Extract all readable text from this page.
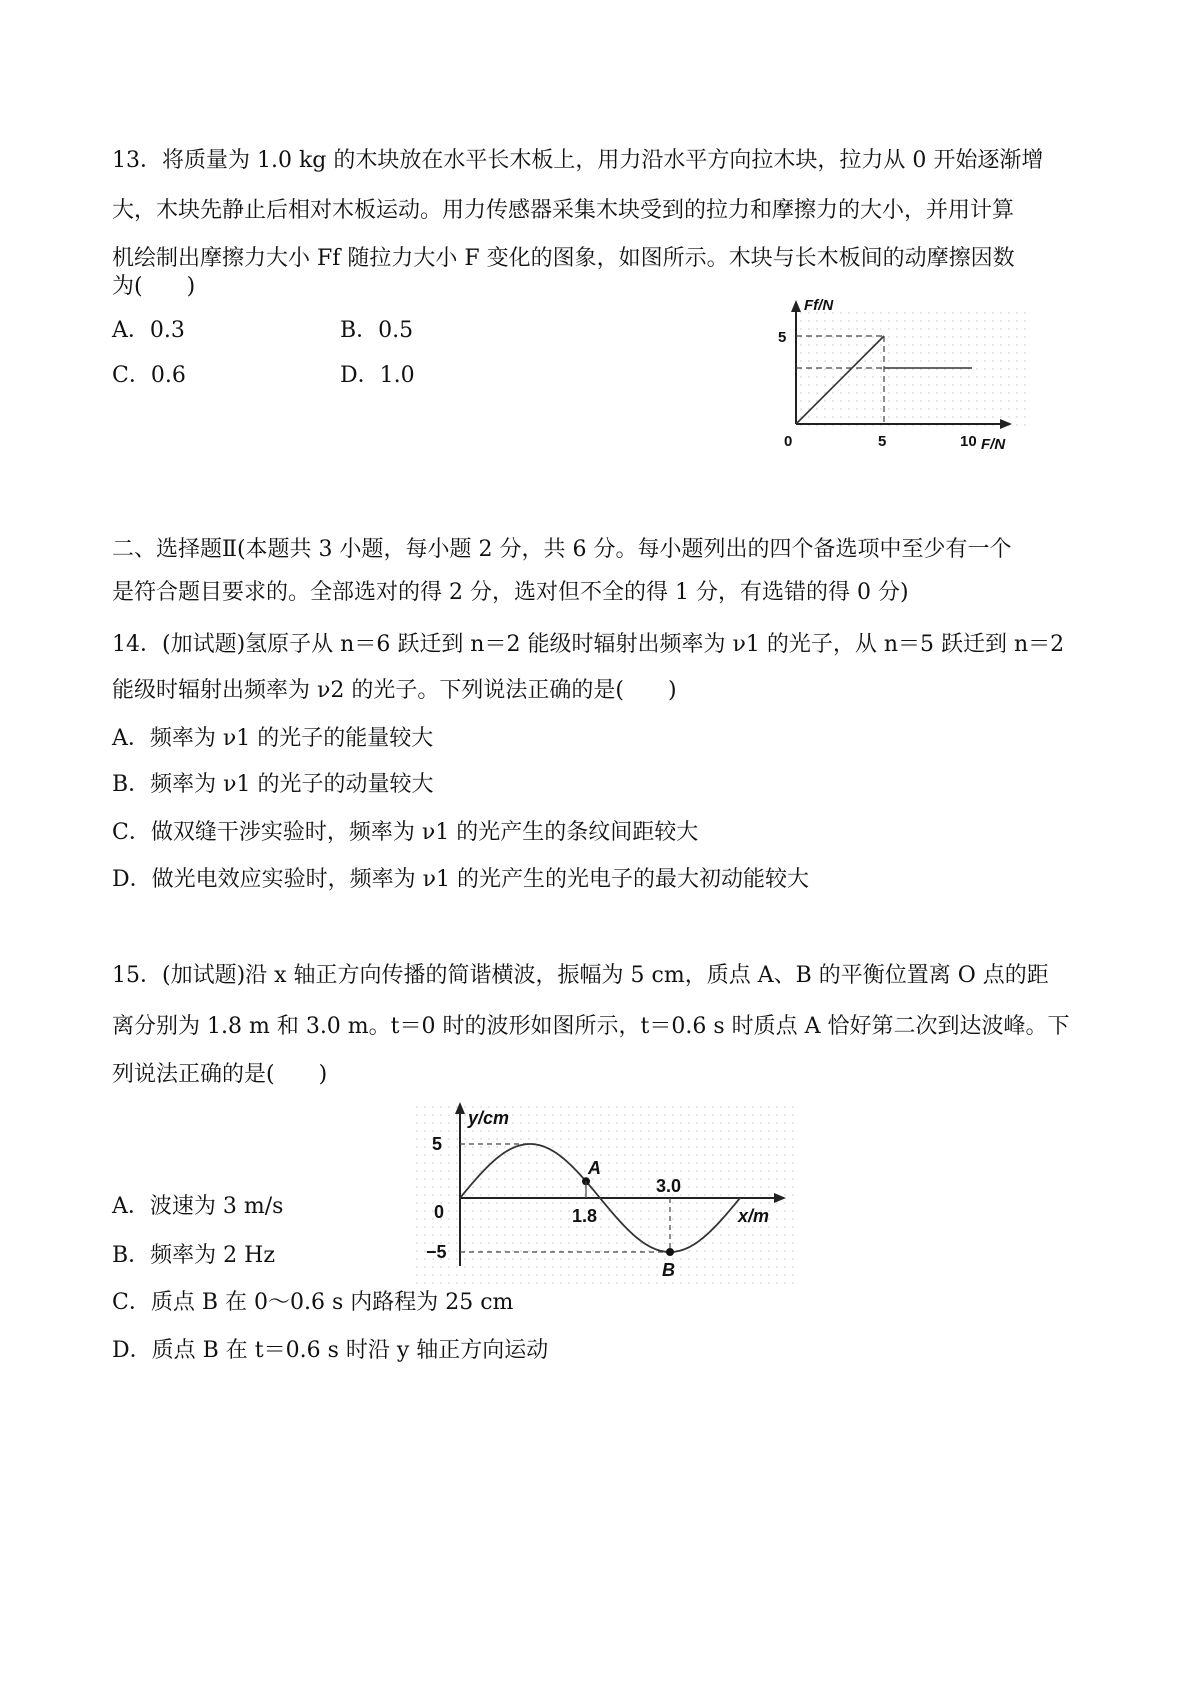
13．将质量为 1.0 kg 的木块放在水平长木板上，用力沿水平方向拉木块，拉力从 0 开始逐渐增
大，木块先静止后相对木板运动。用力传感器采集木块受到的拉力和摩擦力的大小，并用计算
机绘制出摩擦力大小 Ff 随拉力大小 F 变化的图象，如图所示。木块与长木板间的动摩擦因数
为(　　)
A．0.3	B．0.5
C．0.6	D．1.0
Ff/N
5
0	5	10 F/N
二、选择题Ⅱ(本题共 3 小题，每小题 2 分，共 6 分。每小题列出的四个备选项中至少有一个
是符合题目要求的。全部选对的得 2 分，选对但不全的得 1 分，有选错的得 0 分)
14．(加试题)氢原子从 n＝6 跃迁到 n＝2 能级时辐射出频率为 ν1 的光子，从 n＝5 跃迁到 n＝2
能级时辐射出频率为 ν2 的光子。下列说法正确的是(　　)
A．频率为 ν1 的光子的能量较大
B．频率为 ν1 的光子的动量较大
C．做双缝干涉实验时，频率为 ν1 的光产生的条纹间距较大
D．做光电效应实验时，频率为 ν1 的光产生的光电子的最大初动能较大
15．(加试题)沿 x 轴正方向传播的简谐横波，振幅为 5 cm，质点 A、B 的平衡位置离 O 点的距
离分别为 1.8 m 和 3.0 m。t＝0 时的波形如图所示，t＝0.6 s 时质点 A 恰好第二次到达波峰。下
列说法正确的是(　　)
y/cm
5
−5
0
A
1.8
3.0
B
x/m
A．波速为 3 m/s
B．频率为 2 Hz
C．质点 B 在 0～0.6 s 内路程为 25 cm
D．质点 B 在 t＝0.6 s 时沿 y 轴正方向运动
